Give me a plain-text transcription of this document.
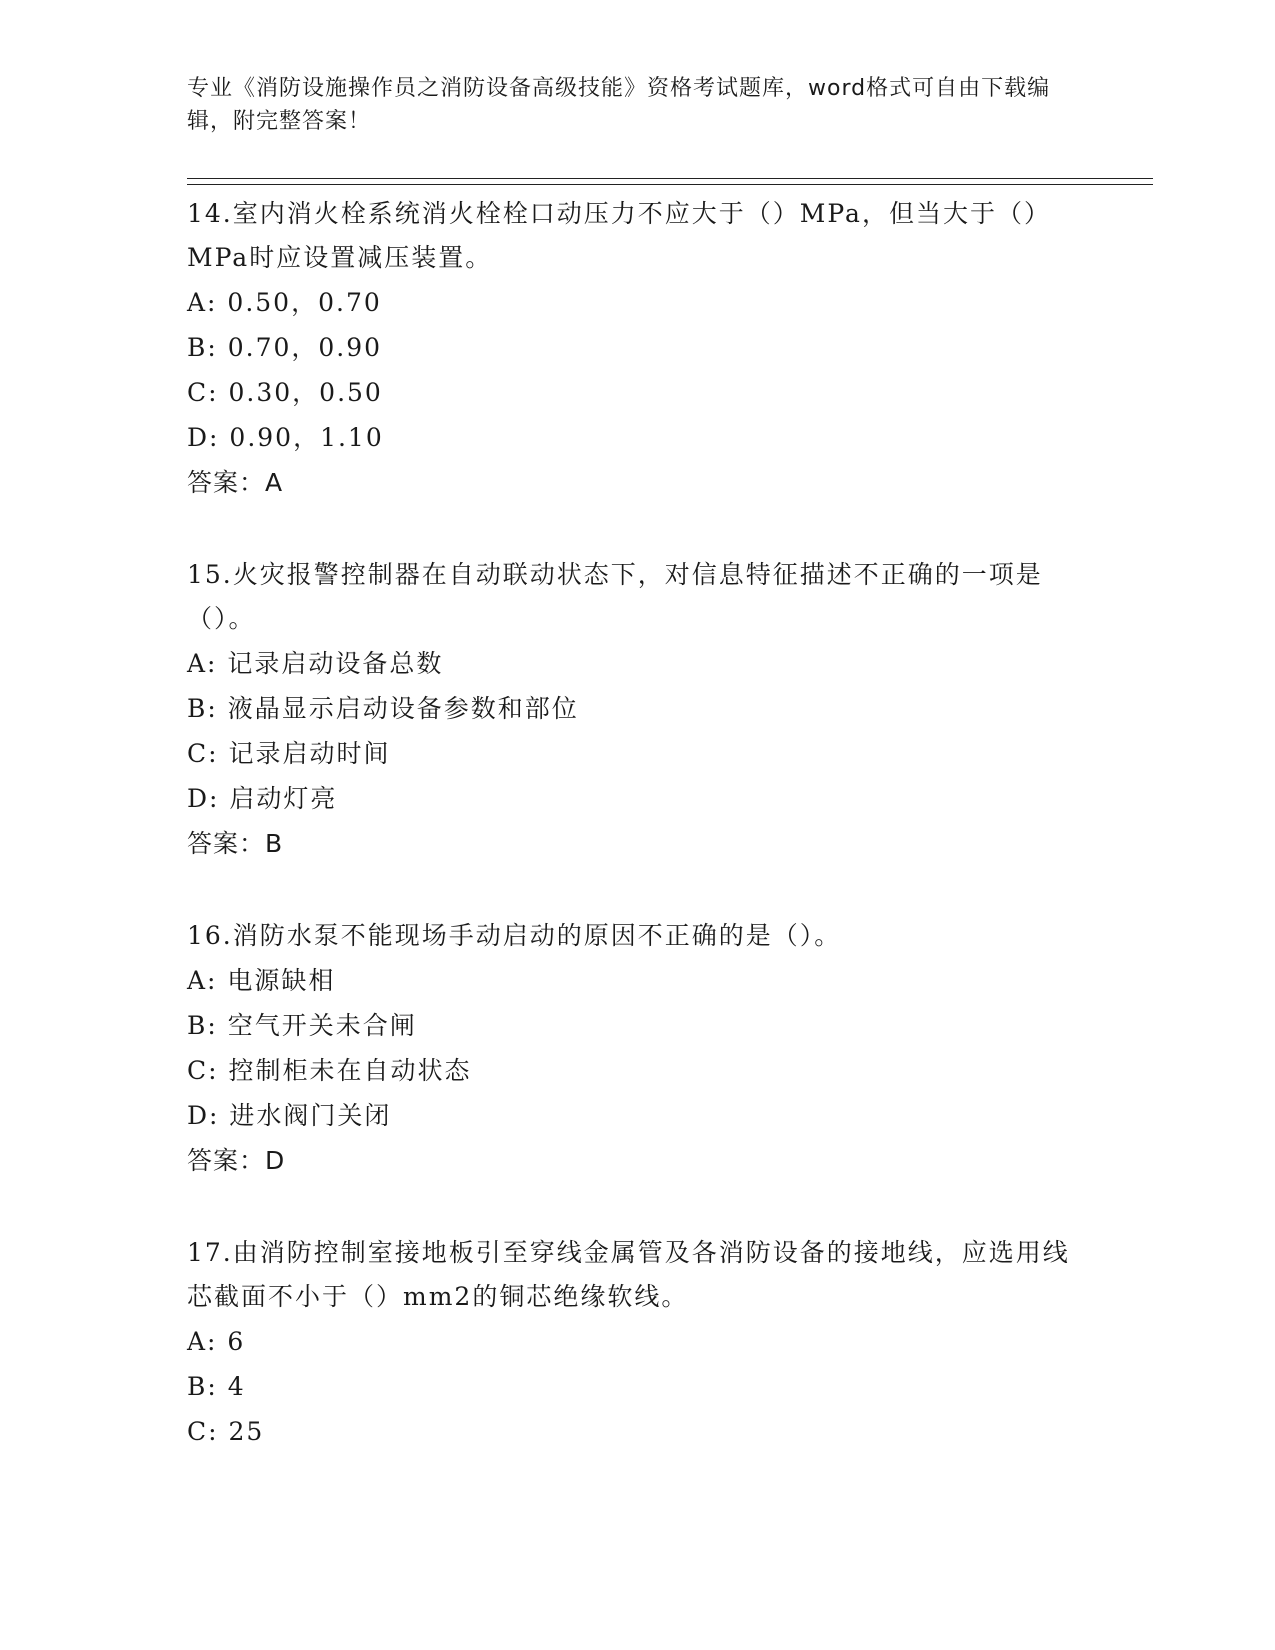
专业《消防设施操作员之消防设备高级技能》资格考试题库，word格式可自由下载编辑，附完整答案！

14.室内消火栓系统消火栓栓口动压力不应大于（）MPa，但当大于（）MPa时应设置减压装置。

A: 0.50，0.70
B: 0.70，0.90
C: 0.30，0.50
D: 0.90，1.10
答案：A

15.火灾报警控制器在自动联动状态下，对信息特征描述不正确的一项是（）。

A: 记录启动设备总数
B: 液晶显示启动设备参数和部位
C: 记录启动时间
D: 启动灯亮
答案：B

16.消防水泵不能现场手动启动的原因不正确的是（）。

A: 电源缺相
B: 空气开关未合闸
C: 控制柜未在自动状态
D: 进水阀门关闭
答案：D

17.由消防控制室接地板引至穿线金属管及各消防设备的接地线，应选用线芯截面不小于（）mm2的铜芯绝缘软线。

A: 6
B: 4
C: 25
